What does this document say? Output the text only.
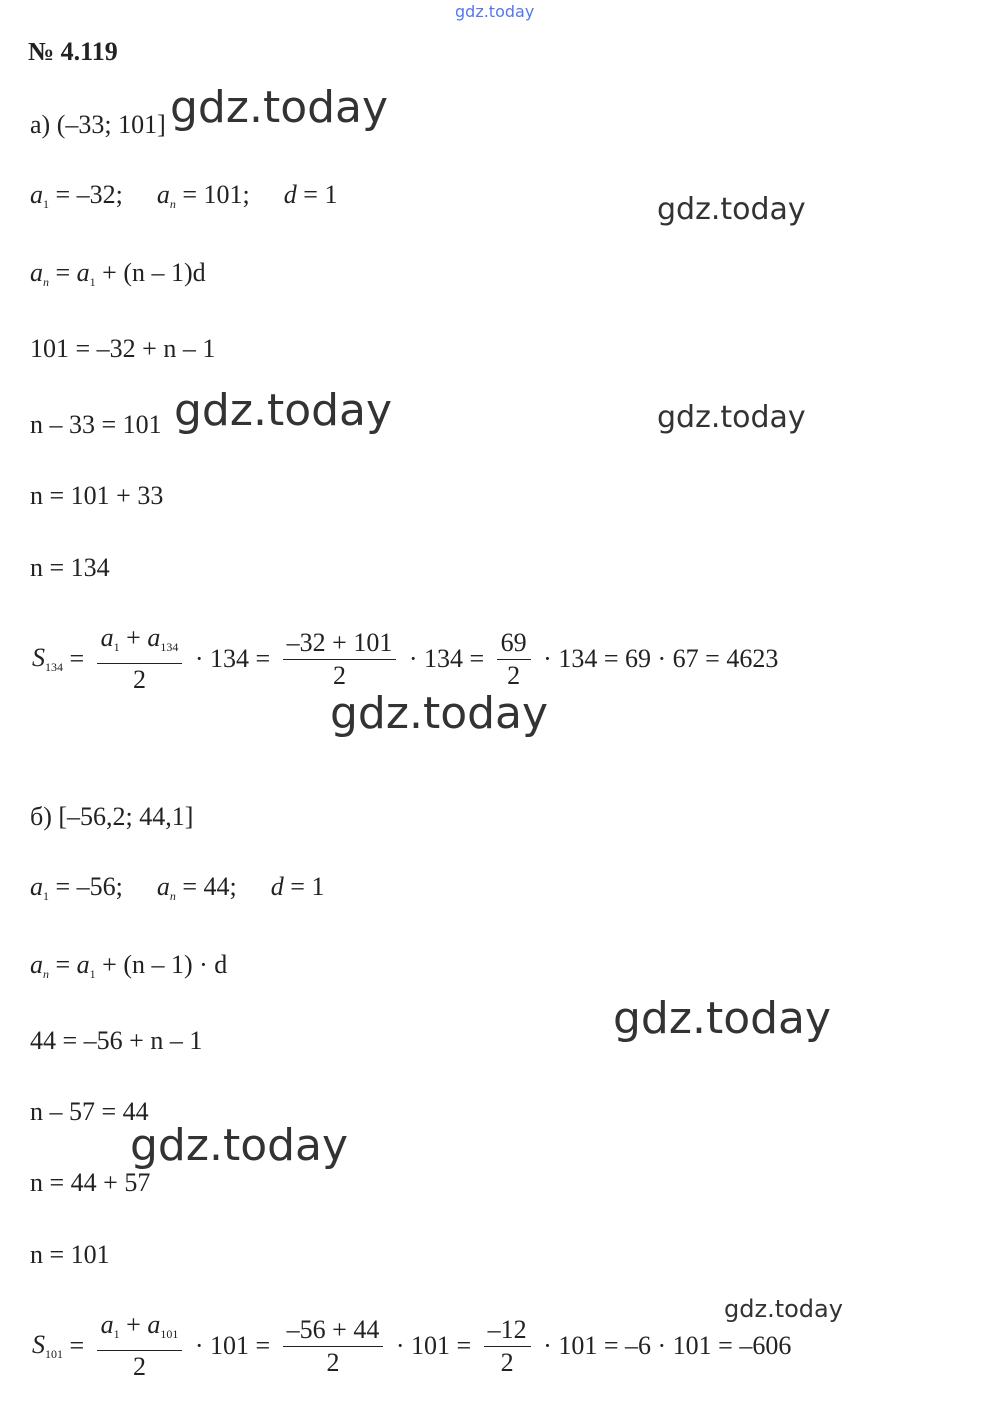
gdz.today
№ 4.119
а) (–33; 101]
$a_1 = -32$; $a_n = 101$; d = 1
$a_n = a_1 + (n - 1)d$
101 = –32 + n – 1
n – 33 = 101
n = 101 + 33
n = 134
$S_{134} = \frac{a_1 + a_{134}}{2} \cdot 134 = \frac{-32 + 101}{2} \cdot 134 = \frac{69}{2} \cdot 134 = 69 \cdot 67 = 4623$
б) [–56,2; 44,1]
$a_1 = -56$; $a_n = 44$; d = 1
$a_n = a_1 + (n - 1) \cdot d$
44 = –56 + n – 1
n – 57 = 44
n = 44 + 57
n = 101
$S_{101} = \frac{a_1 + a_{101}}{2} \cdot 101 = \frac{-56 + 44}{2} \cdot 101 = \frac{-12}{2} \cdot 101 = -6 \cdot 101 = -606$
gdz.today
gdz.today
gdz.today	gdz.today
gdz.today
gdz.today
gdz.today
gdz.today
